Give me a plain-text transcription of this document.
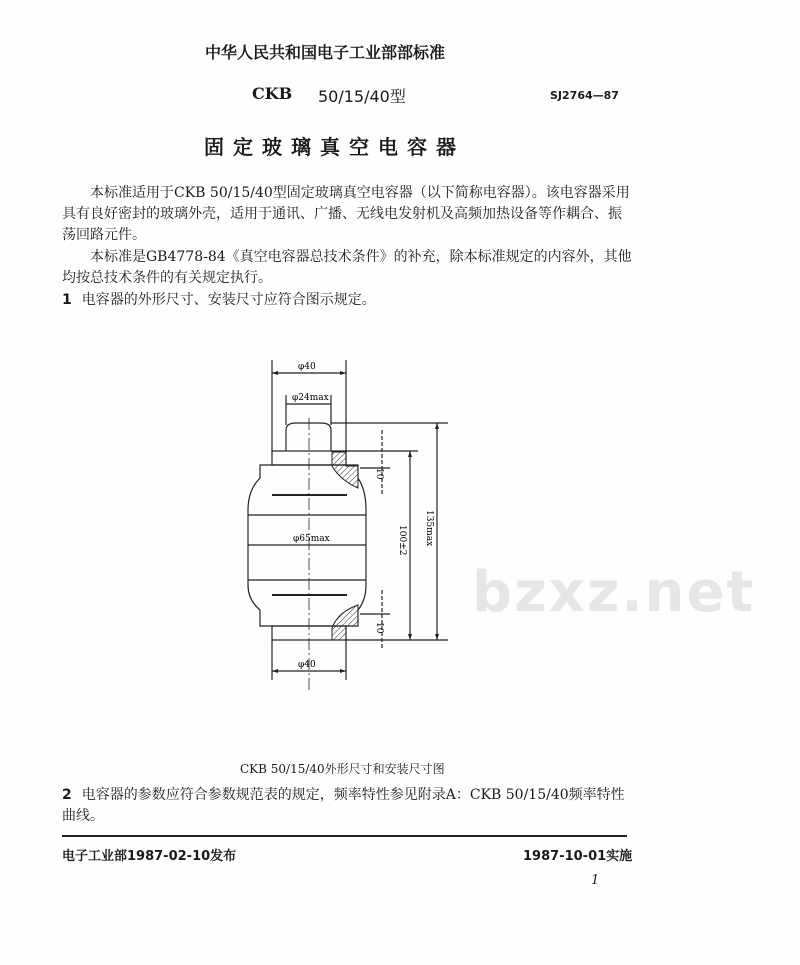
bzxz.net
中华人民共和国电子工业部部标准
CKB 50/15/40型	SJ2764—87
固定玻璃真空电容器
本标准适用于CKB 50/15/40型固定玻璃真空电容器（以下简称电容器）。该电容器采用具有良好密封的玻璃外壳，适用于通讯、广播、无线电发射机及高频加热设备等作耦合、振荡回路元件。
本标准是GB4778-84《真空电容器总技术条件》的补充，除本标准规定的内容外，其他均按总技术条件的有关规定执行。
1 电容器的外形尺寸、安装尺寸应符合图示规定。
φ40
φ24max
φ65max
φ40
10
10
100±2 135max
CKB 50/15/40外形尺寸和安装尺寸图
2 电容器的参数应符合参数规范表的规定，频率特性参见附录A：CKB 50/15/40频率特性曲线。
电子工业部1987-02-10发布	1987-10-01实施
1
